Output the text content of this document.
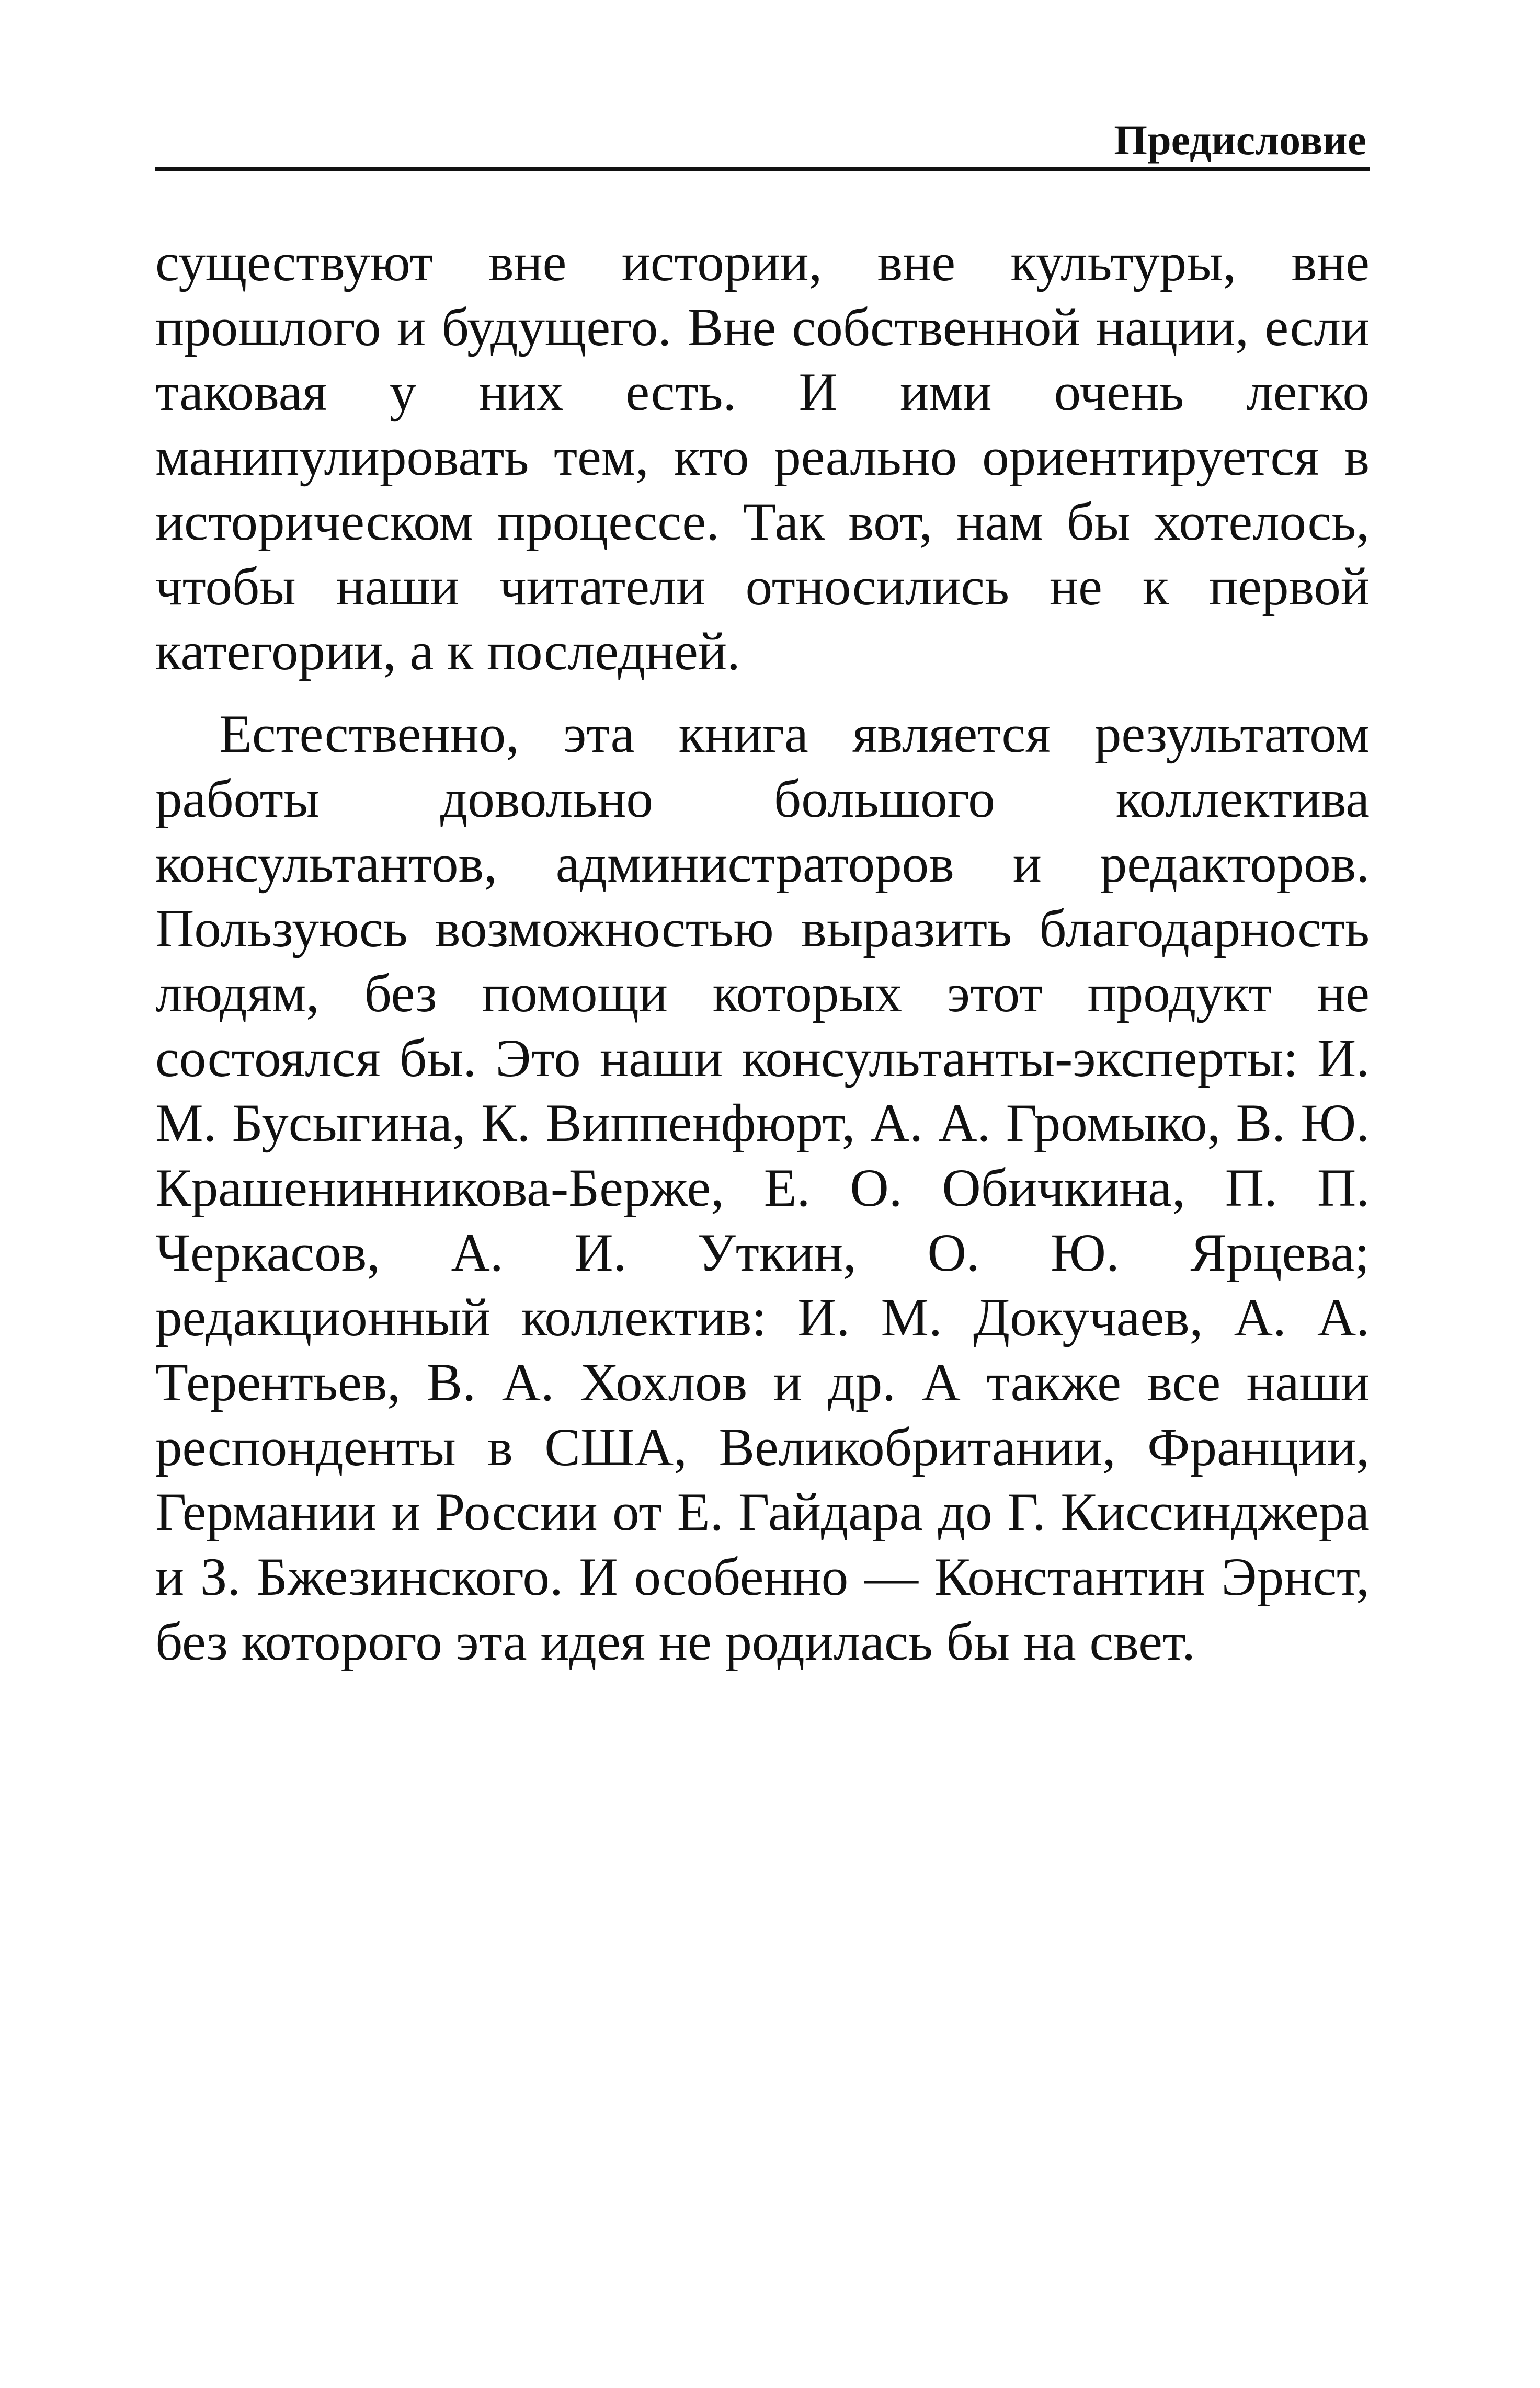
Предисловие

существуют вне истории, вне культуры, вне прошлого и будущего. Вне собственной нации, если таковая у них есть. И ими очень легко манипулировать тем, кто реально ориентируется в историческом процессе. Так вот, нам бы хотелось, чтобы наши читатели относились не к первой категории, а к последней.

Естественно, эта книга является результатом работы довольно большого коллектива консультантов, администраторов и редакторов. Пользуюсь возможностью выразить благодарность людям, без помощи которых этот продукт не состоялся бы. Это наши консультанты-эксперты: И. М. Бусыгина, К. Виппенфюрт, А. А. Громыко, В. Ю. Крашенинникова-Берже, Е. О. Обичкина, П. П. Черкасов, А. И. Уткин, О. Ю. Ярцева; редакционный коллектив: И. М. Докучаев, А. А. Терентьев, В. А. Хохлов и др. А также все наши респонденты в США, Великобритании, Франции, Германии и России от Е. Гайдара до Г. Киссинджера и З. Бжезинского. И особенно — Константин Эрнст, без которого эта идея не родилась бы на свет.
